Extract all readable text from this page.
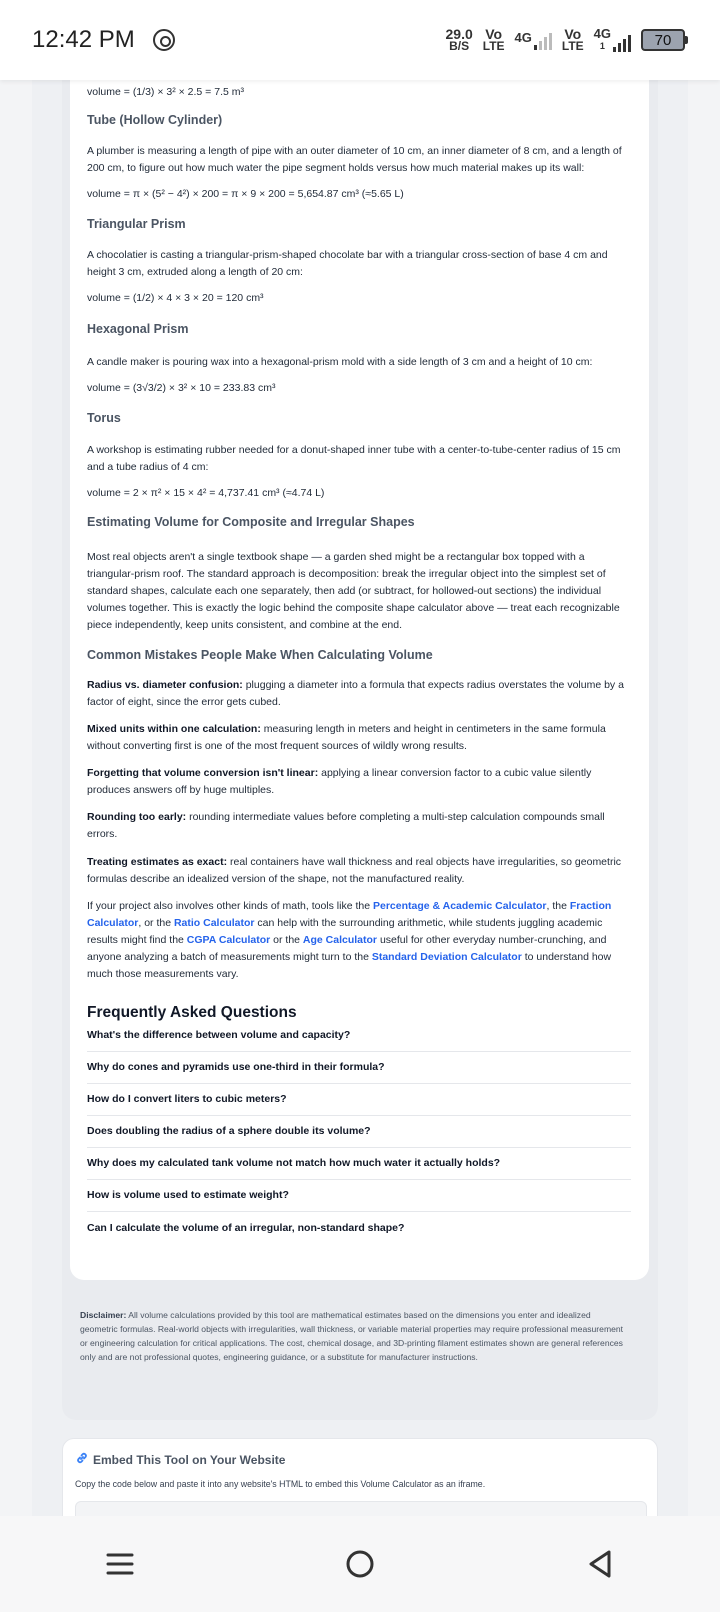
12:42 PM	29.0
B/S
Vo
LTE
4G Vo
LTE
4G
1	70
volume = (1/3) × 3² × 2.5 = 7.5 m³
Tube (Hollow Cylinder)
A plumber is measuring a length of pipe with an outer diameter of 10 cm, an inner diameter of 8 cm, and a length of 200 cm, to figure out how much water the pipe segment holds versus how much material makes up its wall:
volume = π × (5² − 4²) × 200 = π × 9 × 200 = 5,654.87 cm³ (≈5.65 L)
Triangular Prism
A chocolatier is casting a triangular-prism-shaped chocolate bar with a triangular cross-section of base 4 cm and height 3 cm, extruded along a length of 20 cm:
volume = (1/2) × 4 × 3 × 20 = 120 cm³
Hexagonal Prism
A candle maker is pouring wax into a hexagonal-prism mold with a side length of 3 cm and a height of 10 cm:
volume = (3√3/2) × 3² × 10 = 233.83 cm³
Torus
A workshop is estimating rubber needed for a donut-shaped inner tube with a center-to-tube-center radius of 15 cm and a tube radius of 4 cm:
volume = 2 × π² × 15 × 4² = 4,737.41 cm³ (≈4.74 L)
Estimating Volume for Composite and Irregular Shapes
Most real objects aren't a single textbook shape — a garden shed might be a rectangular box topped with a triangular-prism roof. The standard approach is decomposition: break the irregular object into the simplest set of standard shapes, calculate each one separately, then add (or subtract, for hollowed-out sections) the individual volumes together. This is exactly the logic behind the composite shape calculator above — treat each recognizable piece independently, keep units consistent, and combine at the end.
Common Mistakes People Make When Calculating Volume
Radius vs. diameter confusion: plugging a diameter into a formula that expects radius overstates the volume by a factor of eight, since the error gets cubed.
Mixed units within one calculation: measuring length in meters and height in centimeters in the same formula without converting first is one of the most frequent sources of wildly wrong results.
Forgetting that volume conversion isn't linear: applying a linear conversion factor to a cubic value silently produces answers off by huge multiples.
Rounding too early: rounding intermediate values before completing a multi-step calculation compounds small errors.
Treating estimates as exact: real containers have wall thickness and real objects have irregularities, so geometric formulas describe an idealized version of the shape, not the manufactured reality.
If your project also involves other kinds of math, tools like the Percentage & Academic Calculator, the Fraction Calculator, or the Ratio Calculator can help with the surrounding arithmetic, while students juggling academic results might find the CGPA Calculator or the Age Calculator useful for other everyday number-crunching, and anyone analyzing a batch of measurements might turn to the Standard Deviation Calculator to understand how much those measurements vary.
Frequently Asked Questions
What's the difference between volume and capacity?
Why do cones and pyramids use one-third in their formula?
How do I convert liters to cubic meters?
Does doubling the radius of a sphere double its volume?
Why does my calculated tank volume not match how much water it actually holds?
How is volume used to estimate weight?
Can I calculate the volume of an irregular, non-standard shape?
Disclaimer: All volume calculations provided by this tool are mathematical estimates based on the dimensions you enter and idealized geometric formulas. Real-world objects with irregularities, wall thickness, or variable material properties may require professional measurement or engineering calculation for critical applications. The cost, chemical dosage, and 3D-printing filament estimates shown are general references only and are not professional quotes, engineering guidance, or a substitute for manufacturer instructions.
Embed This Tool on Your Website
Copy the code below and paste it into any website's HTML to embed this Volume Calculator as an iframe.
